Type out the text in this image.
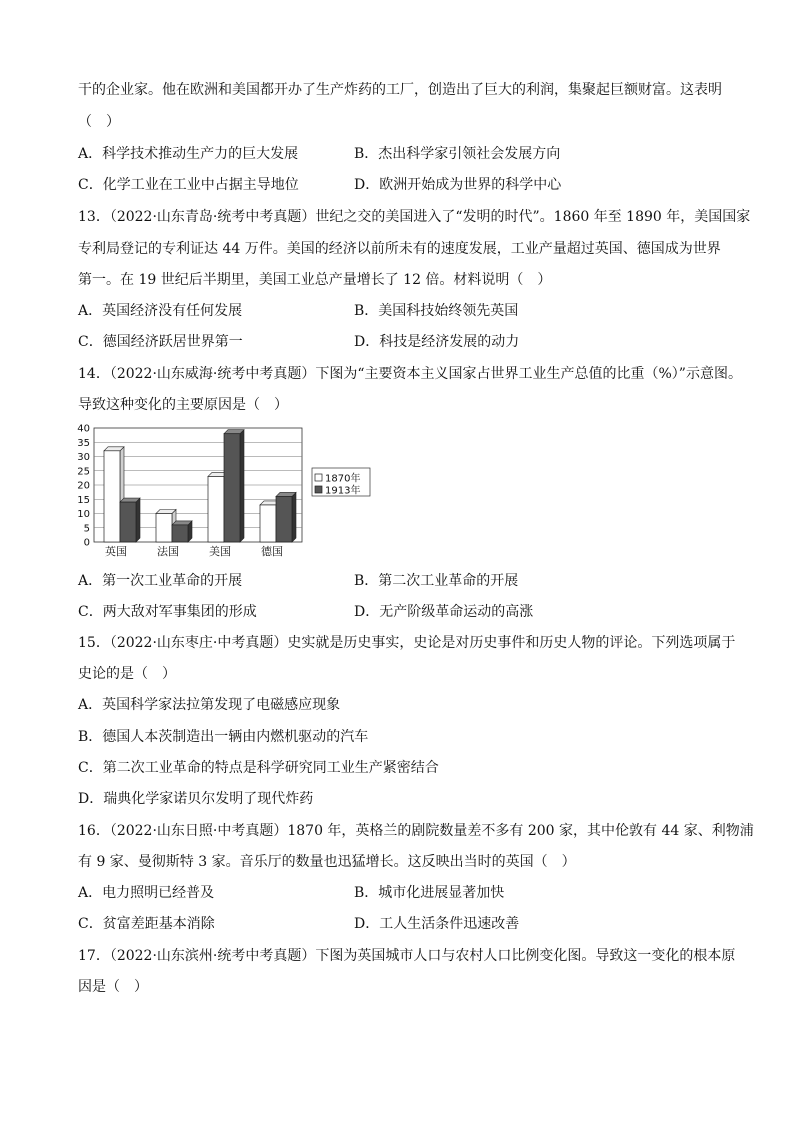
干的企业家。他在欧洲和美国都开办了生产炸药的工厂，创造出了巨大的利润，集聚起巨额财富。这表明
（　）
A．科学技术推动生产力的巨大发展	B．杰出科学家引领社会发展方向
C．化学工业在工业中占据主导地位	D．欧洲开始成为世界的科学中心
13．（2022·山东青岛·统考中考真题）世纪之交的美国进入了“发明的时代”。1860 年至 1890 年，美国国家
专利局登记的专利证达 44 万件。美国的经济以前所未有的速度发展，工业产量超过英国、德国成为世界
第一。在 19 世纪后半期里，美国工业总产量增长了 12 倍。材料说明（　）
A．英国经济没有任何发展	B．美国科技始终领先英国
C．德国经济跃居世界第一	D．科技是经济发展的动力
14．（2022·山东威海·统考中考真题）下图为“主要资本主义国家占世界工业生产总值的比重（%）”示意图。
导致这种变化的主要原因是（　）
0
5
10
15
20
25
30
35
40
英国	法国	美国	德国
1870年
1913年
A．第一次工业革命的开展	B．第二次工业革命的开展
C．两大敌对军事集团的形成	D．无产阶级革命运动的高涨
15．（2022·山东枣庄·中考真题）史实就是历史事实，史论是对历史事件和历史人物的评论。下列选项属于
史论的是（　）
A．英国科学家法拉第发现了电磁感应现象
B．德国人本茨制造出一辆由内燃机驱动的汽车
C．第二次工业革命的特点是科学研究同工业生产紧密结合
D．瑞典化学家诺贝尔发明了现代炸药
16．（2022·山东日照·中考真题）1870 年，英格兰的剧院数量差不多有 200 家，其中伦敦有 44 家、利物浦
有 9 家、曼彻斯特 3 家。音乐厅的数量也迅猛增长。这反映出当时的英国（　）
A．电力照明已经普及	B．城市化进展显著加快
C．贫富差距基本消除	D．工人生活条件迅速改善
17．（2022·山东滨州·统考中考真题）下图为英国城市人口与农村人口比例变化图。导致这一变化的根本原
因是（　）
